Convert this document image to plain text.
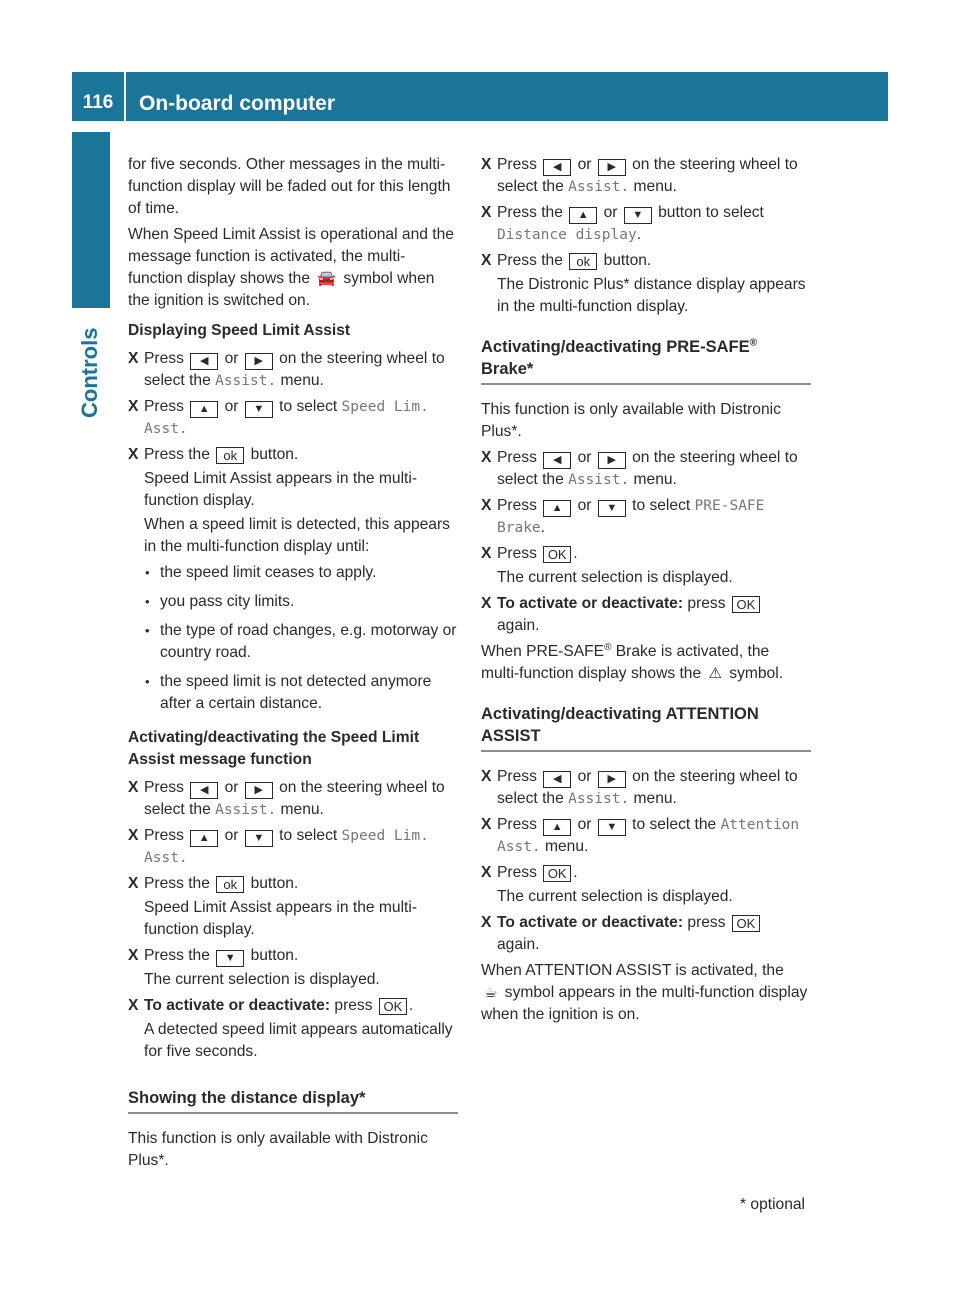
116	On-board computer
Controls

for five seconds. Other messages in the multi-function display will be faded out for this length of time.

When Speed Limit Assist is operational and the message function is activated, the multi-function display shows the 🚘 symbol when the ignition is switched on.

Displaying Speed Limit Assist

X Press ◀ or ▶ on the steering wheel to select the Assist. menu.
X Press ▲ or ▼ to select Speed Lim. Asst.
X Press the ok button.
Speed Limit Assist appears in the multi-function display.
When a speed limit is detected, this appears in the multi-function display until:
• the speed limit ceases to apply.
• you pass city limits.
• the type of road changes, e.g. motorway or country road.
• the speed limit is not detected anymore after a certain distance.

Activating/deactivating the Speed Limit Assist message function

X Press ◀ or ▶ on the steering wheel to select the Assist. menu.
X Press ▲ or ▼ to select Speed Lim. Asst.
X Press the ok button.
Speed Limit Assist appears in the multi-function display.
X Press the ▼ button.
The current selection is displayed.
X To activate or deactivate: press OK .
A detected speed limit appears automatically for five seconds.
Showing the distance display*

This function is only available with Distronic Plus*.

X Press ◀ or ▶ on the steering wheel to select the Assist. menu.
X Press the ▲ or ▼ button to select Distance display.
X Press the ok button.
The Distronic Plus* distance display appears in the multi-function display.
Activating/deactivating PRE-SAFE®
Brake*

This function is only available with Distronic Plus*.

X Press ◀ or ▶ on the steering wheel to select the Assist. menu.
X Press ▲ or ▼ to select PRE-SAFE Brake.
X Press OK .
The current selection is displayed.
X To activate or deactivate: press OK
again.

When PRE-SAFE® Brake is activated, the multi-function display shows the ⚠ symbol.

Activating/deactivating ATTENTION ASSIST
X Press ◀ or ▶ on the steering wheel to select the Assist. menu.
X Press ▲ or ▼ to select the Attention Asst. menu.
X Press OK .
The current selection is displayed.
X To activate or deactivate: press OK
again.

When ATTENTION ASSIST is activated, the
☕ symbol appears in the multi-function display when the ignition is on.

* optional
